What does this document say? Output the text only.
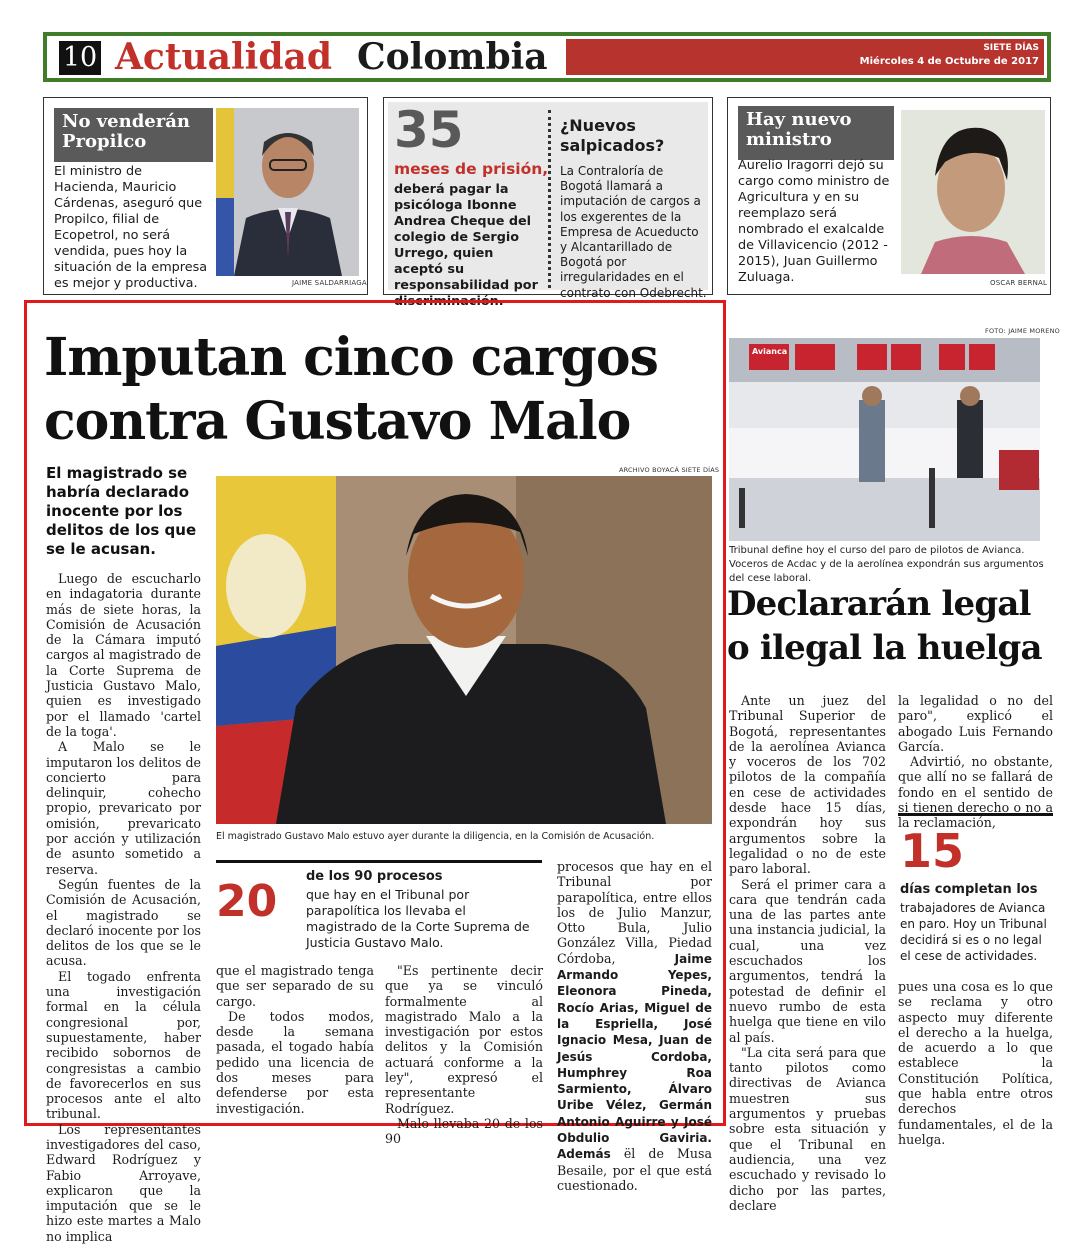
10 Actualidad Colombia	SIETE DÍAS
Miércoles 4 de Octubre de 2017
No venderán Propilco
El ministro de Hacienda, Mauricio Cárdenas, aseguró que Propilco, filial de Ecopetrol, no será vendida, pues hoy la situación de la empresa es mejor y productiva.	JAIME SALDARRIAGA
35
meses de prisión,
deberá pagar la psicóloga Ibonne Andrea Cheque del colegio de Sergio Urrego, quien aceptó su responsabilidad por discriminación.
¿Nuevos salpicados?
La Contraloría de Bogotá llamará a imputación de cargos a los exgerentes de la Empresa de Acueducto y Alcantarillado de Bogotá por irregularidades en el contrato con Odebrecht.
Hay nuevo ministro
Aurelio Iragorri dejó su cargo como ministro de Agricultura y en su reemplazo será nombrado el exalcalde de Villavicencio (2012 - 2015), Juan Guillermo Zuluaga.	OSCAR BERNAL
Imputan cinco cargos contra Gustavo Malo
El magistrado se habría declarado inocente por los delitos de los que se le acusan.
ARCHIVO BOYACÁ SIETE DÍAS
El magistrado Gustavo Malo estuvo ayer durante la diligencia, en la Comisión de Acusación.

Luego de escucharlo en indagatoria durante más de siete horas, la Comisión de Acusación de la Cámara imputó cargos al magistrado de la Corte Suprema de Justicia Gustavo Malo, quien es investigado por el llamado 'cartel de la toga'.

A Malo se le imputaron los delitos de concierto para delinquir, cohecho propio, prevaricato por omisión, prevaricato por acción y utilización de asunto sometido a reserva.

Según fuentes de la Comisión de Acusación, el magistrado se declaró inocente por los delitos de los que se le acusa.

El togado enfrenta una investigación formal en la célula congresional por, supuestamente, haber recibido sobornos de congresistas a cambio de favorecerlos en sus procesos ante el alto tribunal.

Los representantes investigadores del caso, Edward Rodríguez y Fabio Arroyave, explicaron que la imputación que se le hizo este martes a Malo no implica

20 de los 90 procesos
que hay en el Tribunal por parapolítica los llevaba el magistrado de la Corte Suprema de Justicia Gustavo Malo.

que el magistrado tenga que ser separado de su cargo.

De todos modos, desde la semana pasada, el togado había pedido una licencia de dos meses para defenderse por esta investigación.

"Es pertinente decir que ya se vinculó formalmente al magistrado Malo a la investigación por estos delitos y la Comisión actuará conforme a la ley", expresó el representante Rodríguez.

Malo llevaba 20 de los 90

procesos que hay en el Tribunal por parapolítica, entre ellos los de Julio Manzur, Otto Bula, Julio González Villa, Piedad Córdoba,	Jaime Armando Yepes, Eleonora Pineda, Rocío Arias, Miguel de la Espriella, José Ignacio Mesa, Juan de Jesús Cordoba, Humphrey Roa Sarmiento, Álvaro Uribe Vélez, Germán Antonio Aguirre y José Obdulio Gaviria. Además ël de Musa Besaile, por el que está cuestionado.

FOTO: JAIME MORENO
Avianca
Tribunal define hoy el curso del paro de pilotos de Avianca. Voceros de Acdac y de la aerolínea expondrán sus argumentos del cese laboral.
Declararán legal o ilegal la huelga

Ante un juez del Tribunal Superior de Bogotá, representantes de la aerolínea Avianca y voceros de los 702 pilotos de la compañía en cese de actividades desde hace 15 días, expondrán hoy sus argumentos sobre la legalidad o no de este paro laboral.

Será el primer cara a cara que tendrán cada una de las partes ante una instancia judicial, la cual, una vez escuchados los argumentos, tendrá la potestad de definir el nuevo rumbo de esta huelga que tiene en vilo al país.

"La cita será para que tanto pilotos como directivas de Avianca muestren sus argumentos y pruebas sobre esta situación y que el Tribunal en audiencia, una vez escuchado y revisado lo dicho por las partes, declare

la legalidad o no del paro", explicó el abogado Luis Fernando García.

Advirtió, no obstante, que allí no se fallará de fondo en el sentido de si tienen derecho o no a la reclamación,

15
días completan los
trabajadores de Avianca en paro. Hoy un Tribunal decidirá si es o no legal el cese de actividades.

pues una cosa es lo que se reclama y otro aspecto muy diferente el derecho a la huelga, de acuerdo a lo que establece la Constitución Política, que habla entre otros derechos fundamentales, el de la huelga.
